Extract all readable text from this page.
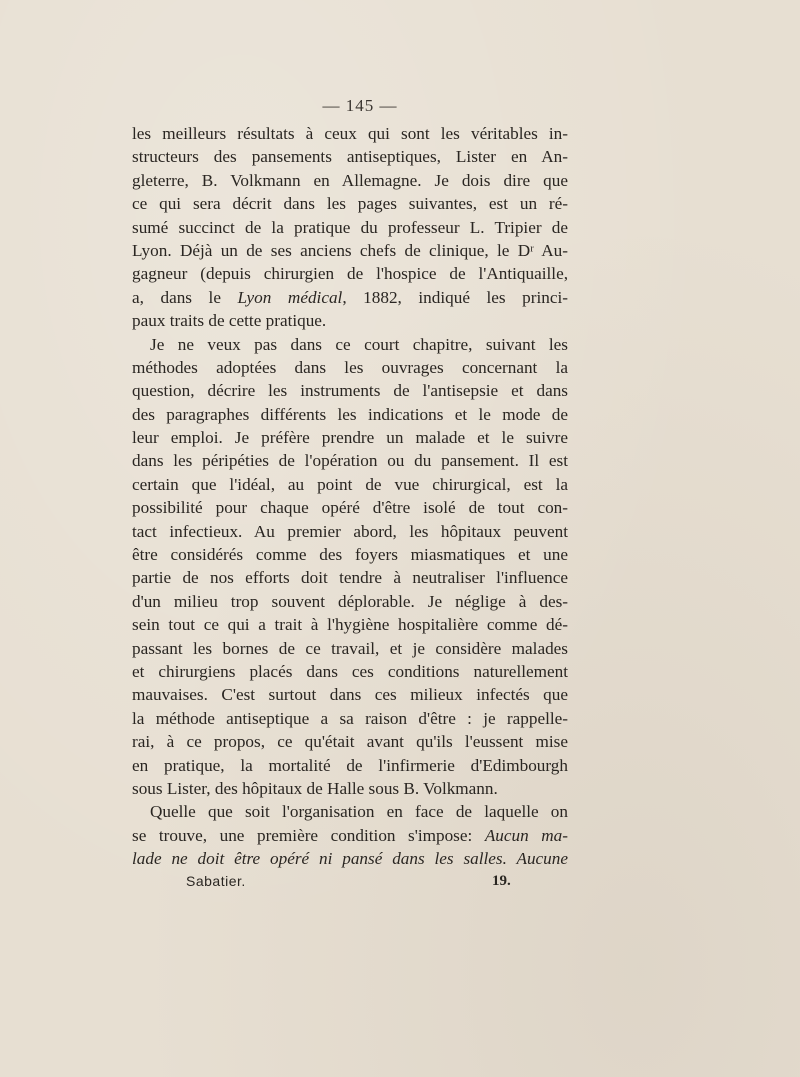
— 145 —
les meilleurs résultats à ceux qui sont les véritables in-
structeurs des pansements antiseptiques, Lister en An-
gleterre, B. Volkmann en Allemagne. Je dois dire que
ce qui sera décrit dans les pages suivantes, est un ré-
sumé succinct de la pratique du professeur L. Tripier de
Lyon. Déjà un de ses anciens chefs de clinique, le Dʳ Au-
gagneur (depuis chirurgien de l'hospice de l'Antiquaille,
a, dans le Lyon médical, 1882, indiqué les princi-
paux traits de cette pratique.
Je ne veux pas dans ce court chapitre, suivant les
méthodes adoptées dans les ouvrages concernant la
question, décrire les instruments de l'antisepsie et dans
des paragraphes différents les indications et le mode de
leur emploi. Je préfère prendre un malade et le suivre
dans les péripéties de l'opération ou du pansement. Il est
certain que l'idéal, au point de vue chirurgical, est la
possibilité pour chaque opéré d'être isolé de tout con-
tact infectieux. Au premier abord, les hôpitaux peuvent
être considérés comme des foyers miasmatiques et une
partie de nos efforts doit tendre à neutraliser l'influence
d'un milieu trop souvent déplorable. Je néglige à des-
sein tout ce qui a trait à l'hygiène hospitalière comme dé-
passant les bornes de ce travail, et je considère malades
et chirurgiens placés dans ces conditions naturellement
mauvaises. C'est surtout dans ces milieux infectés que
la méthode antiseptique a sa raison d'être : je rappelle-
rai, à ce propos, ce qu'était avant qu'ils l'eussent mise
en pratique, la mortalité de l'infirmerie d'Edimbourgh
sous Lister, des hôpitaux de Halle sous B. Volkmann.
Quelle que soit l'organisation en face de laquelle on
se trouve, une première condition s'impose: Aucun ma-
lade ne doit être opéré ni pansé dans les salles. Aucune
Sabatier.	19.
